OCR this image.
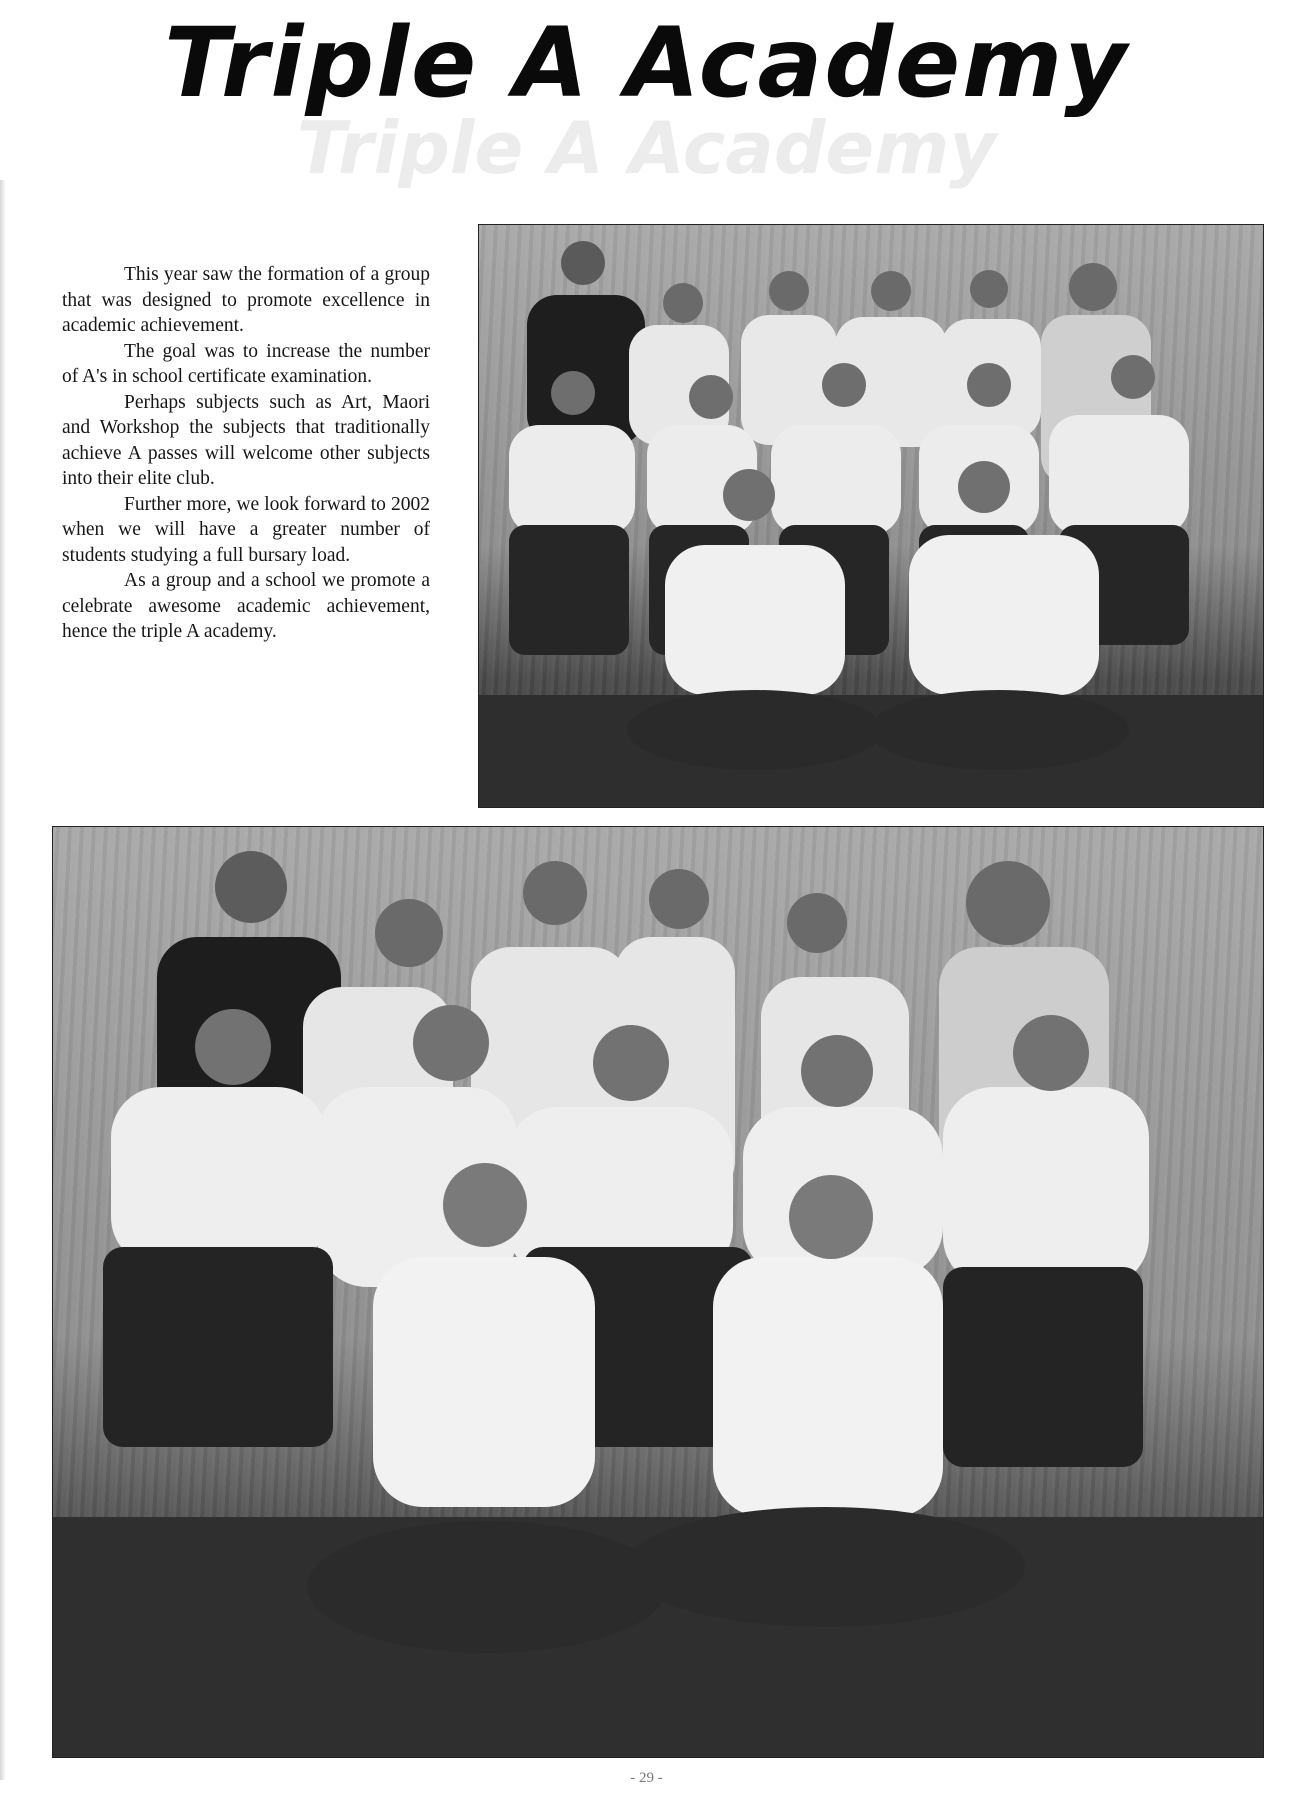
Triple A Academy
Triple A Academy

This year saw the formation of a group that was designed to promote excellence in academic achievement.

The goal was to increase the number of A's in school certificate examination.

Perhaps subjects such as Art, Maori and Workshop the subjects that traditionally achieve A passes will welcome other subjects into their elite club.

Further more, we look forward to 2002 when we will have a greater number of students studying a full bursary load.

As a group and a school we promote a celebrate awesome academic achievement, hence the triple A academy.

- 29 -
